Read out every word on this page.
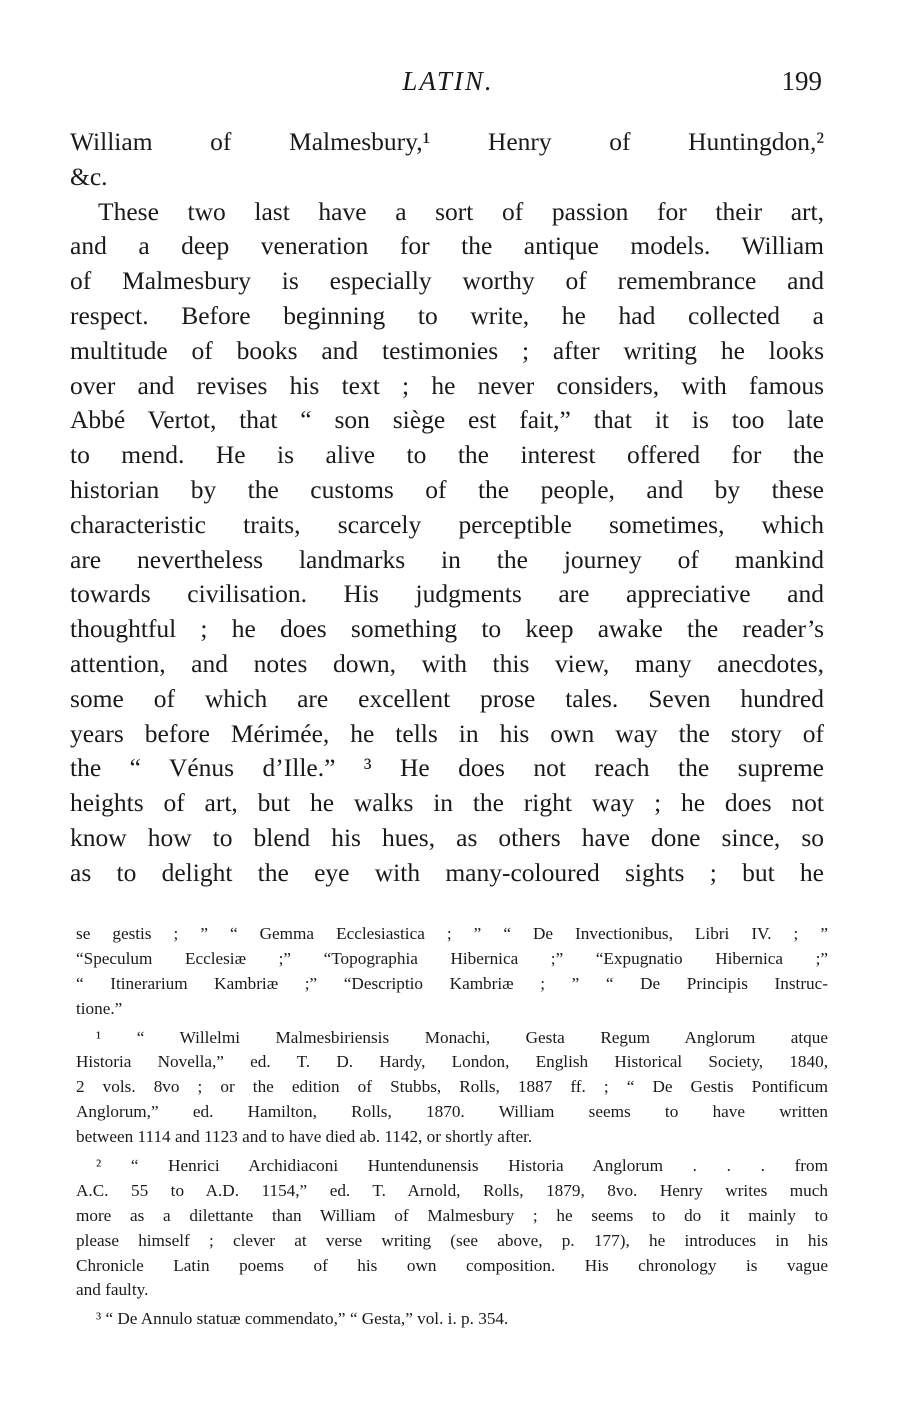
LATIN.	199
William of Malmesbury,¹ Henry of Huntingdon,²
&c.
These two last have a sort of passion for their art,
and a deep veneration for the antique models. William
of Malmesbury is especially worthy of remembrance and
respect. Before beginning to write, he had collected a
multitude of books and testimonies ; after writing he looks
over and revises his text ; he never considers, with famous
Abbé Vertot, that “ son siège est fait,” that it is too late
to mend. He is alive to the interest offered for the
historian by the customs of the people, and by these
characteristic traits, scarcely perceptible sometimes, which
are nevertheless landmarks in the journey of mankind
towards civilisation. His judgments are appreciative and
thoughtful ; he does something to keep awake the reader’s
attention, and notes down, with this view, many anecdotes,
some of which are excellent prose tales. Seven hundred
years before Mérimée, he tells in his own way the story of
the “ Vénus d’Ille.” ³ He does not reach the supreme
heights of art, but he walks in the right way ; he does not
know how to blend his hues, as others have done since, so
as to delight the eye with many-coloured sights ; but he
se gestis ; ” “ Gemma Ecclesiastica ; ” “ De Invectionibus, Libri IV. ; ”
“Speculum Ecclesiæ ;” “Topographia Hibernica ;” “Expugnatio Hibernica ;”
“ Itinerarium Kambriæ ;” “Descriptio Kambriæ ; ” “ De Principis Instruc-
tione.”
¹ “ Willelmi Malmesbiriensis Monachi, Gesta Regum Anglorum atque
Historia Novella,” ed. T. D. Hardy, London, English Historical Society, 1840,
2 vols. 8vo ; or the edition of Stubbs, Rolls, 1887 ff. ; “ De Gestis Pontificum
Anglorum,” ed. Hamilton, Rolls, 1870. William seems to have written
between 1114 and 1123 and to have died ab. 1142, or shortly after.
² “ Henrici Archidiaconi Huntendunensis Historia Anglorum . . . from
A.C. 55 to A.D. 1154,” ed. T. Arnold, Rolls, 1879, 8vo. Henry writes much
more as a dilettante than William of Malmesbury ; he seems to do it mainly to
please himself ; clever at verse writing (see above, p. 177), he introduces in his
Chronicle Latin poems of his own composition. His chronology is vague
and faulty.
³ “ De Annulo statuæ commendato,” “ Gesta,” vol. i. p. 354.
